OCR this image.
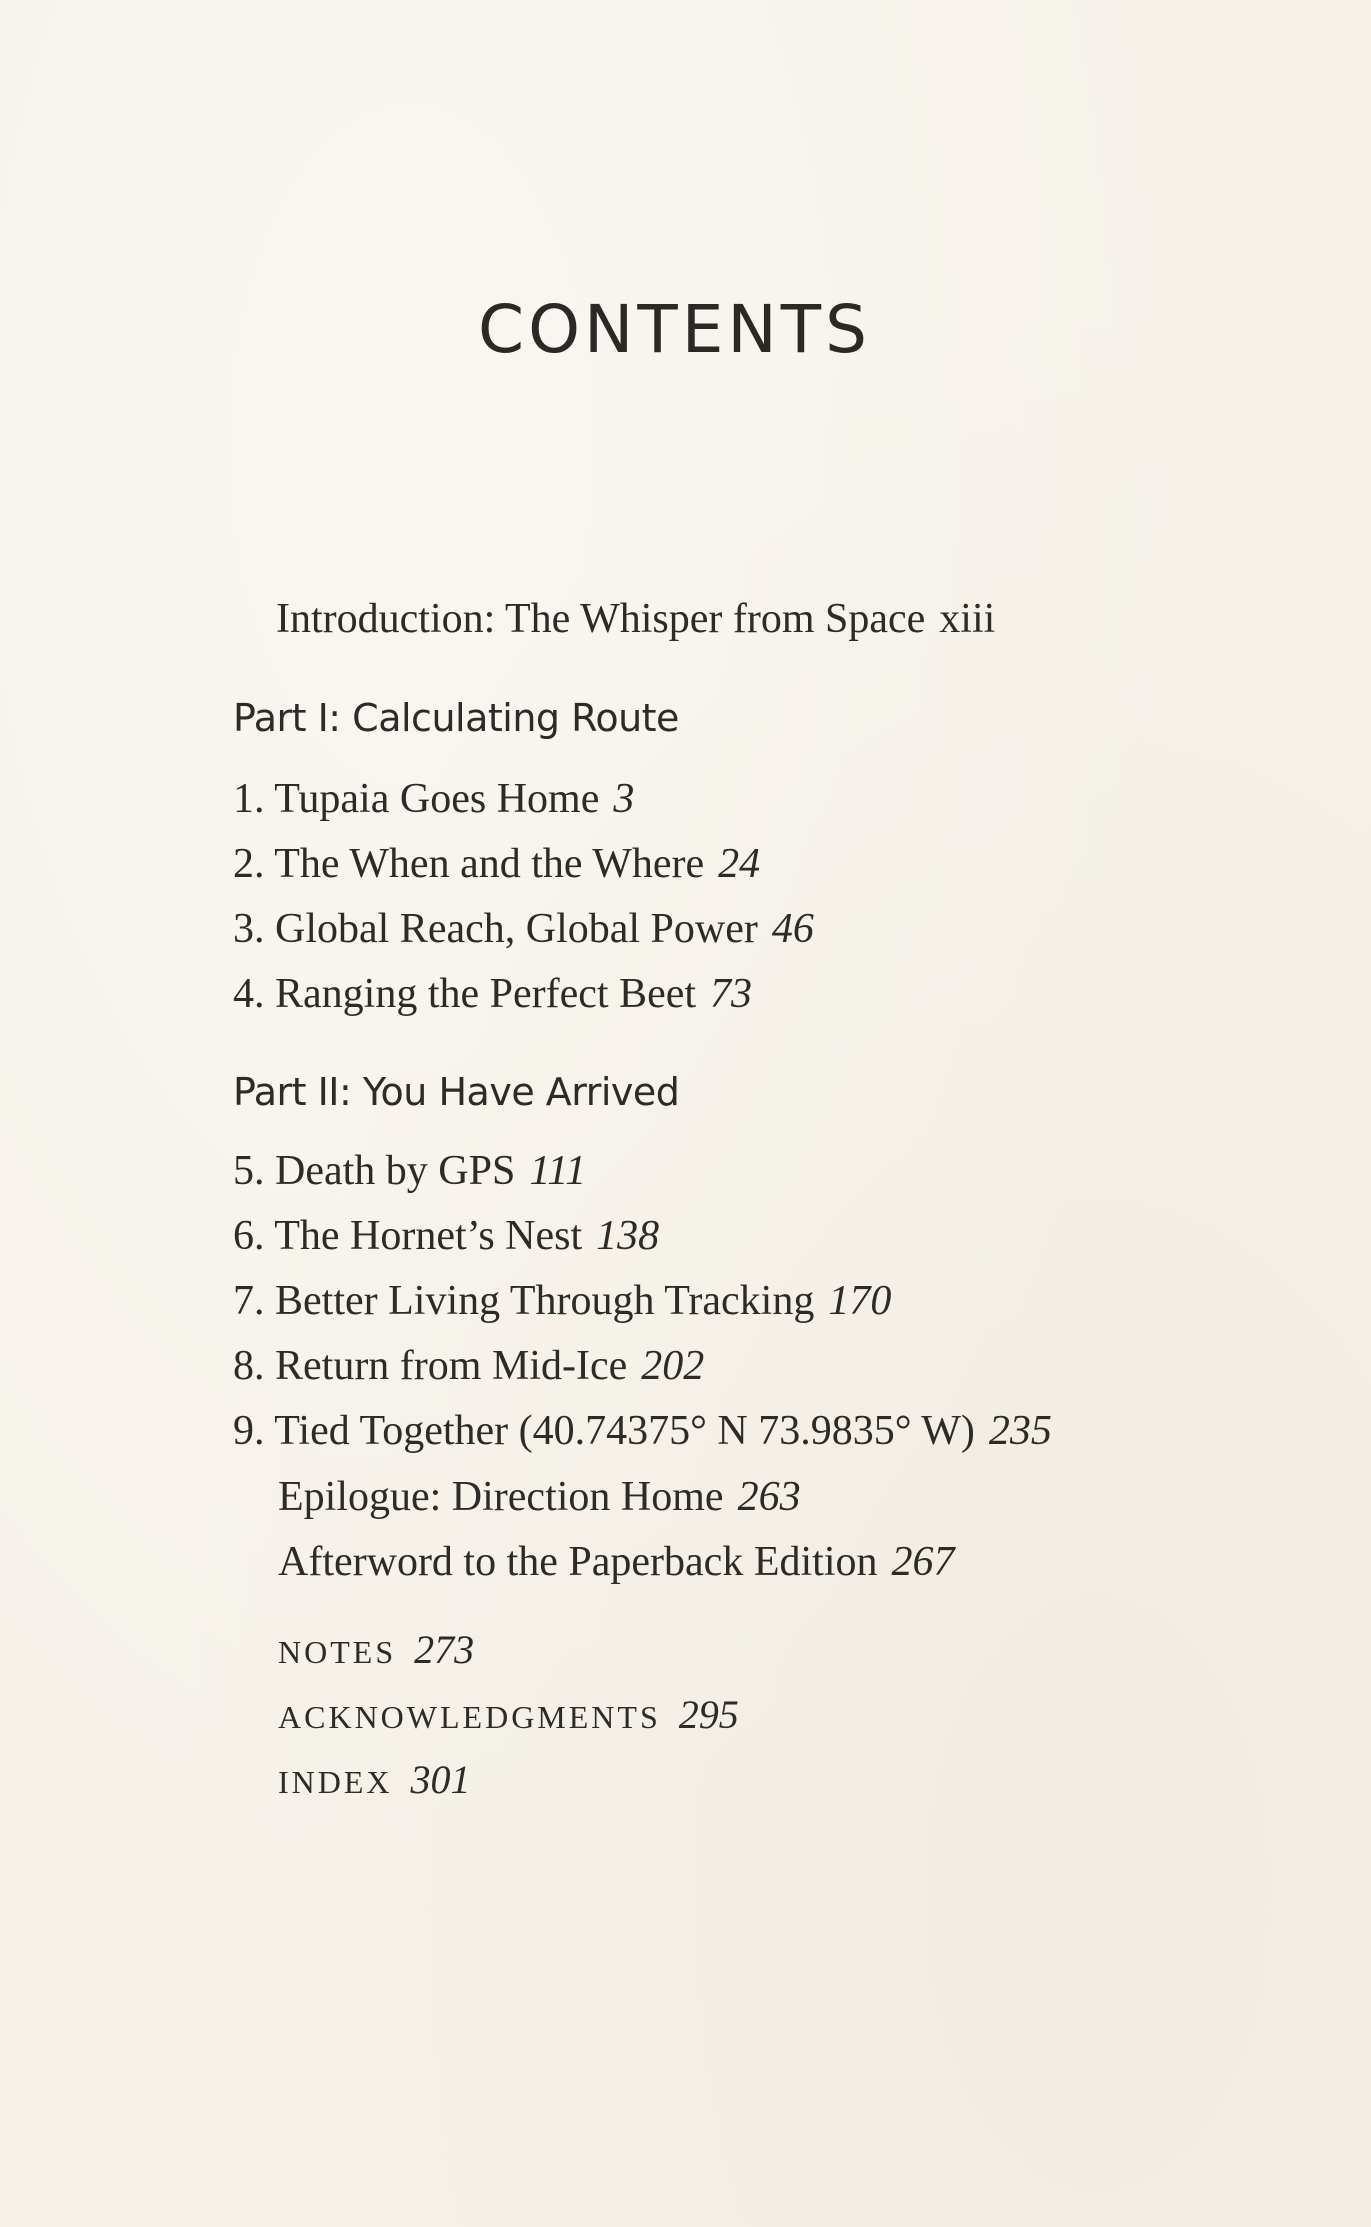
CONTENTS
Introduction: The Whisper from Space xiii
Part I: Calculating Route
1. Tupaia Goes Home 3
2. The When and the Where 24
3. Global Reach, Global Power 46
4. Ranging the Perfect Beet 73
Part II: You Have Arrived
5. Death by GPS 111
6. The Hornet’s Nest 138
7. Better Living Through Tracking 170
8. Return from Mid-Ice 202
9. Tied Together (40.74375° N 73.9835° W) 235
Epilogue: Direction Home 263
Afterword to the Paperback Edition 267
NOTES 273
ACKNOWLEDGMENTS 295
INDEX 301
